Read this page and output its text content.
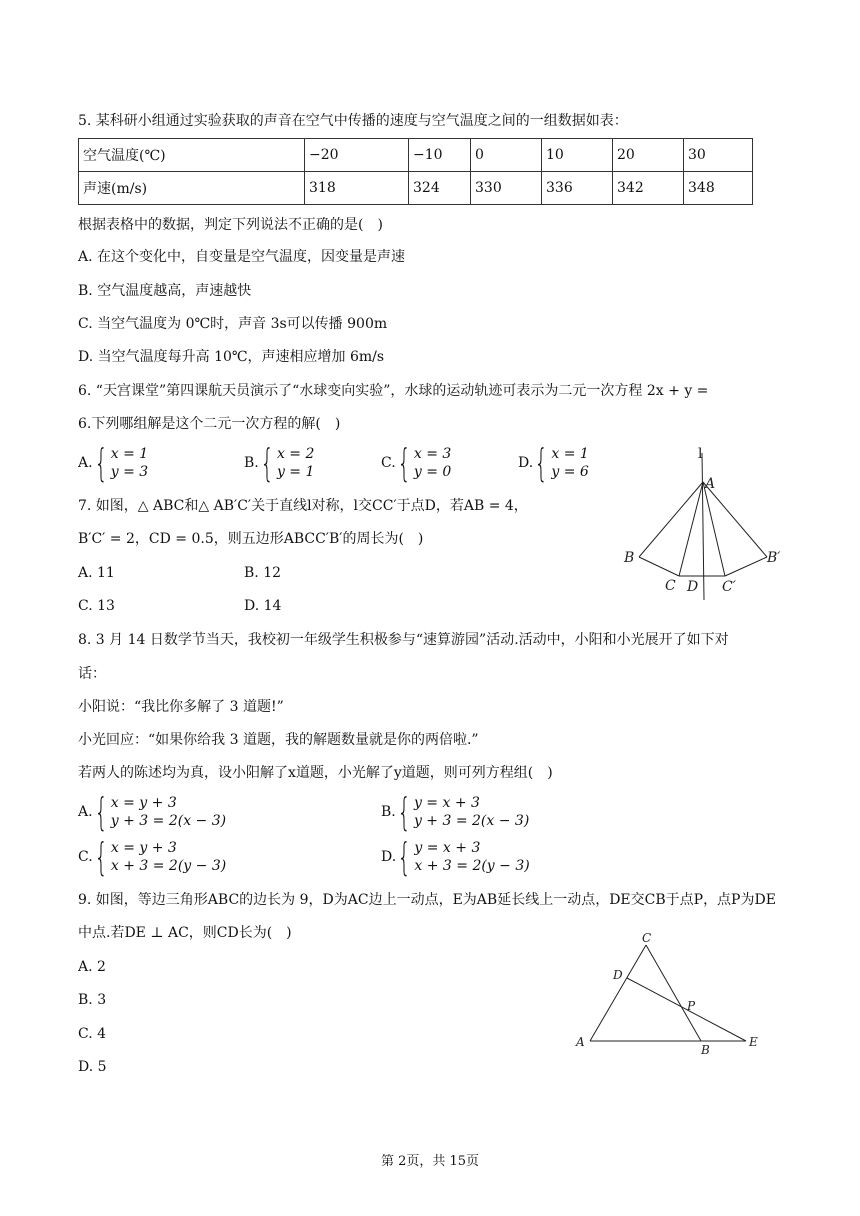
5. 某科研小组通过实验获取的声音在空气中传播的速度与空气温度之间的一组数据如表：
空气温度(℃)	−20	−10	0	10	20	30
声速(m/s)	318	324	330	336	342	348
根据表格中的数据，判定下列说法不正确的是(　)
A. 在这个变化中，自变量是空气温度，因变量是声速
B. 空气温度越高，声速越快
C. 当空气温度为 0℃时，声音 3s可以传播 900m
D. 当空气温度每升高 10℃，声速相应增加 6m/s
6. “天宫课堂”第四课航天员演示了“水球变向实验”，水球的运动轨迹可表示为二元一次方程 2x + y =
6.下列哪组解是这个二元一次方程的解(　)
A. { x = 1
y = 3
B. { x = 2
y = 1
C. { x = 3
y = 0
D. { x = 1
y = 6
7. 如图，△ ABC和△ AB′C′关于直线l对称，l交CC′于点D，若AB = 4，
B′C′ = 2，CD = 0.5，则五边形ABCC′B′的周长为(　)
A. 11	B. 12
C. 13	D. 14
l
A
B	B′
C D C′
8. 3 月 14 日数学节当天，我校初一年级学生积极参与“速算游园”活动.活动中，小阳和小光展开了如下对
话：
小阳说：“我比你多解了 3 道题!”
小光回应：“如果你给我 3 道题，我的解题数量就是你的两倍啦.”
若两人的陈述均为真，设小阳解了x道题，小光解了y道题，则可列方程组(　)
A. { x = y + 3
y + 3 = 2(x − 3)
B. { y = x + 3
y + 3 = 2(x − 3)
C. { x = y + 3
x + 3 = 2(y − 3)
D. { y = x + 3
x + 3 = 2(y − 3)
9. 如图，等边三角形ABC的边长为 9，D为AC边上一动点，E为AB延长线上一动点，DE交CB于点P，点P为DE
中点.若DE ⊥ AC，则CD长为(　)
A. 2
B. 3
C. 4
D. 5
A
B
C
D
E
P
第 2页，共 15页
